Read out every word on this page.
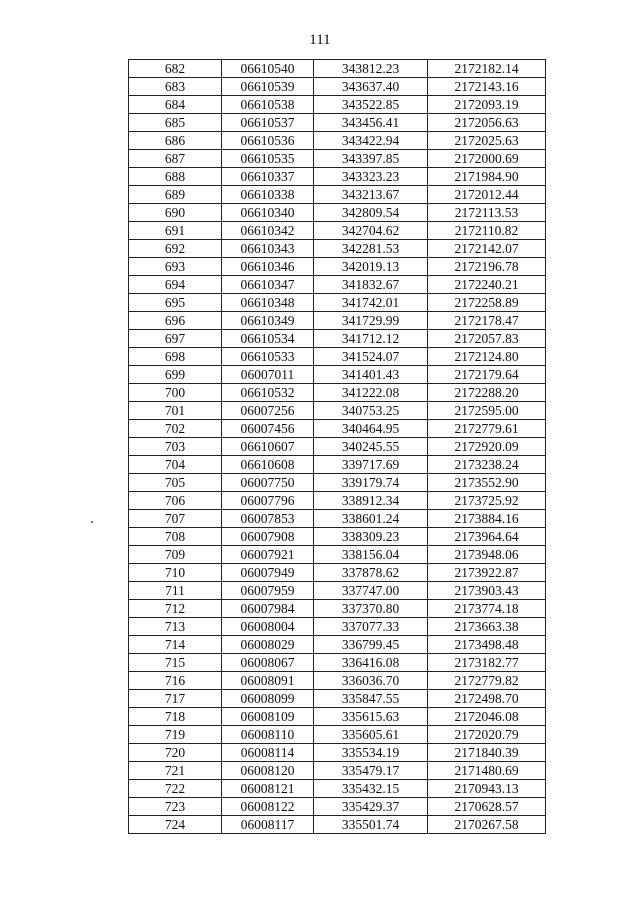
111
682	06610540	343812.23	2172182.14
683	06610539	343637.40	2172143.16
684	06610538	343522.85	2172093.19
685	06610537	343456.41	2172056.63
686	06610536	343422.94	2172025.63
687	06610535	343397.85	2172000.69
688	06610337	343323.23	2171984.90
689	06610338	343213.67	2172012.44
690	06610340	342809.54	2172113.53
691	06610342	342704.62	2172110.82
692	06610343	342281.53	2172142.07
693	06610346	342019.13	2172196.78
694	06610347	341832.67	2172240.21
695	06610348	341742.01	2172258.89
696	06610349	341729.99	2172178.47
697	06610534	341712.12	2172057.83
698	06610533	341524.07	2172124.80
699	06007011	341401.43	2172179.64
700	06610532	341222.08	2172288.20
701	06007256	340753.25	2172595.00
702	06007456	340464.95	2172779.61
703	06610607	340245.55	2172920.09
704	06610608	339717.69	2173238.24
705	06007750	339179.74	2173552.90
706	06007796	338912.34	2173725.92
707	06007853	338601.24	2173884.16
708	06007908	338309.23	2173964.64
709	06007921	338156.04	2173948.06
710	06007949	337878.62	2173922.87
711	06007959	337747.00	2173903.43
712	06007984	337370.80	2173774.18
713	06008004	337077.33	2173663.38
714	06008029	336799.45	2173498.48
715	06008067	336416.08	2173182.77
716	06008091	336036.70	2172779.82
717	06008099	335847.55	2172498.70
718	06008109	335615.63	2172046.08
719	06008110	335605.61	2172020.79
720	06008114	335534.19	2171840.39
721	06008120	335479.17	2171480.69
722	06008121	335432.15	2170943.13
723	06008122	335429.37	2170628.57
724	06008117	335501.74	2170267.58
